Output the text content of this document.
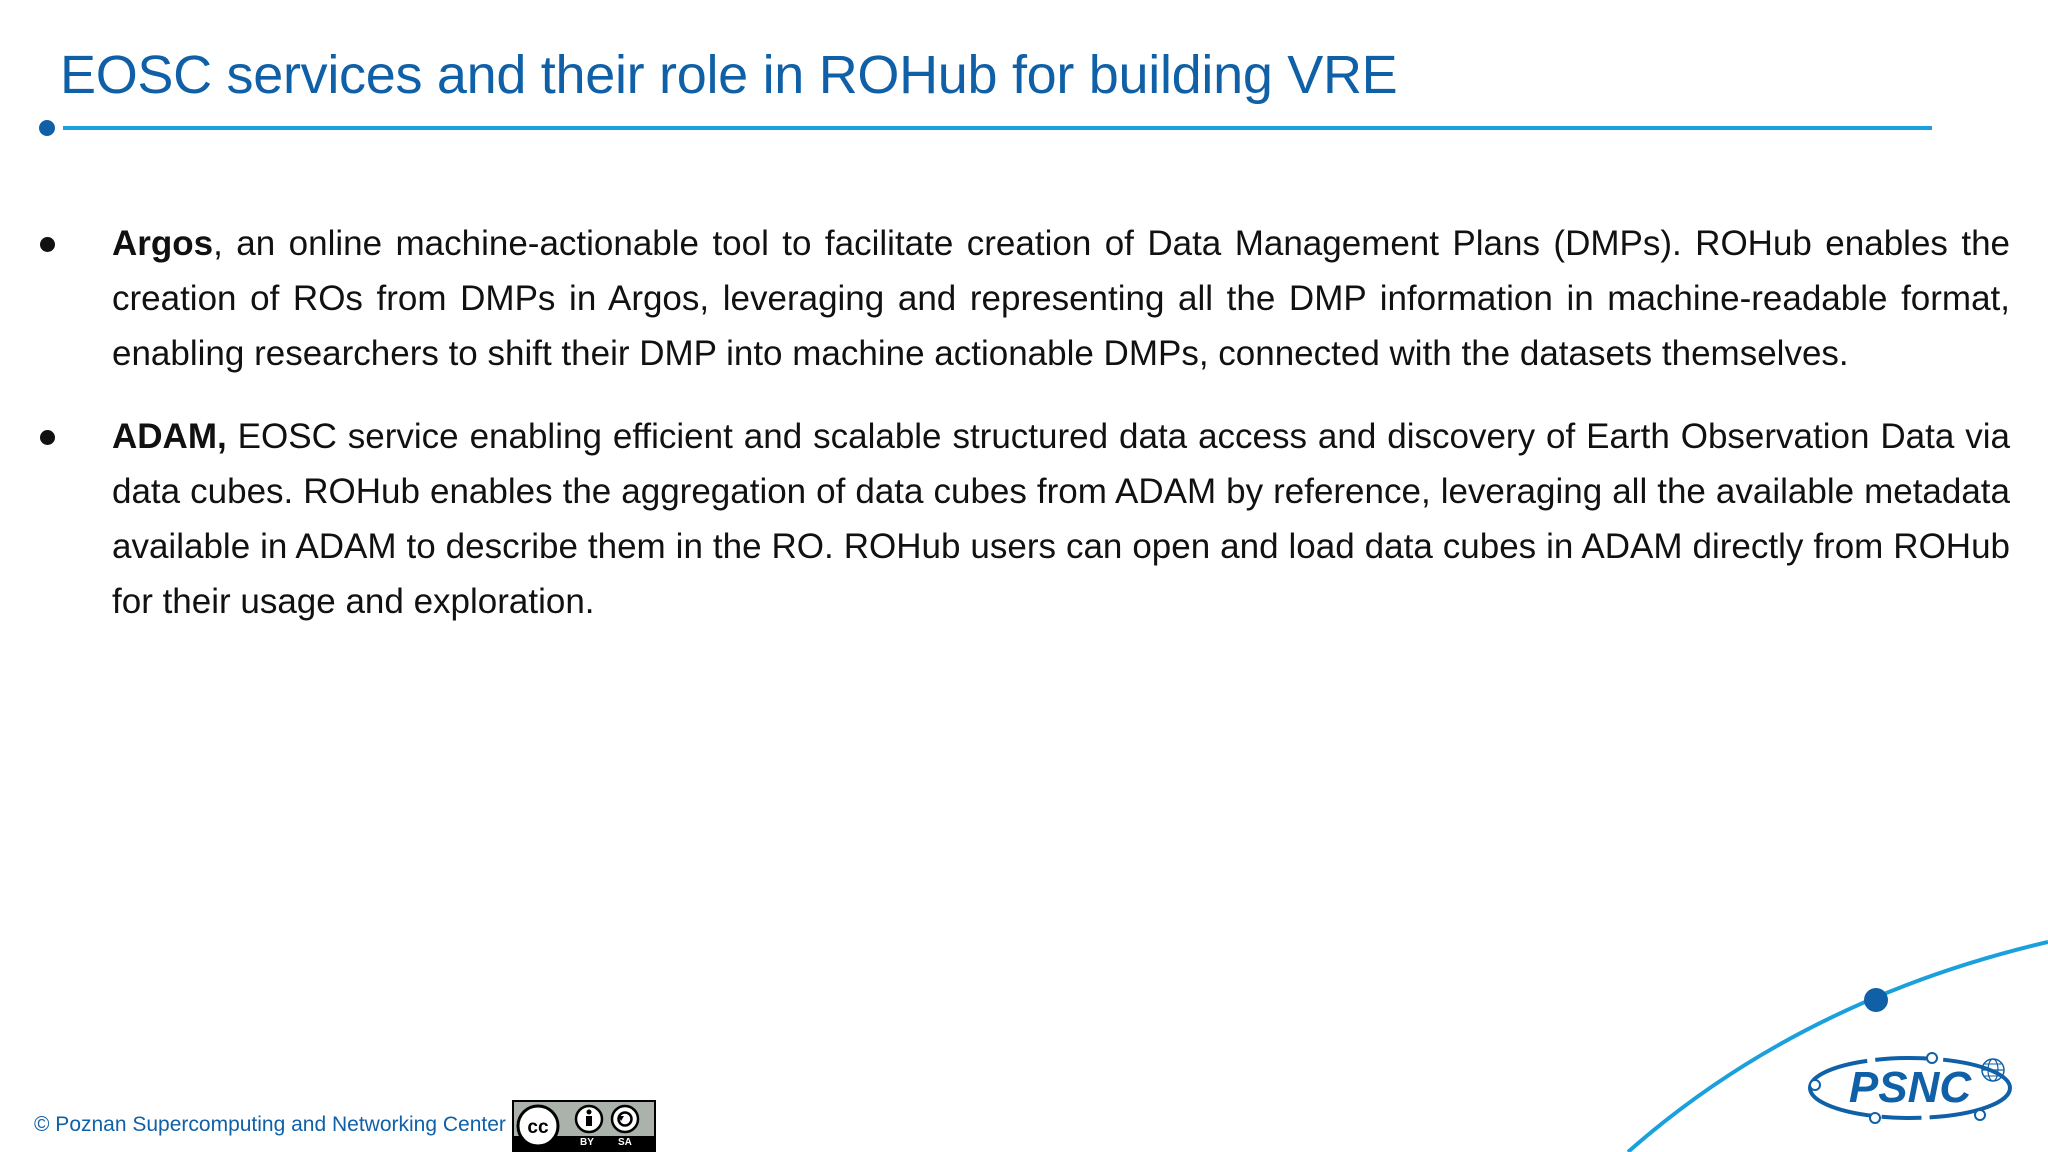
EOSC services and their role in ROHub for building VRE
Argos, an online machine-actionable tool to facilitate creation of Data Management Plans (DMPs). ROHub enables the creation of ROs from DMPs in Argos, leveraging and representing all the DMP information in machine-readable format, enabling researchers to shift their DMP into machine actionable DMPs, connected with the datasets themselves.
ADAM, EOSC service enabling efficient and scalable structured data access and discovery of Earth Observation Data via data cubes. ROHub enables the aggregation of data cubes from ADAM by reference, leveraging all the available metadata available in ADAM to describe them in the RO. ROHub users can open and load data cubes in ADAM directly from ROHub for their usage and exploration.
PSNC
© Poznan Supercomputing and Networking Center cc
BY SA
